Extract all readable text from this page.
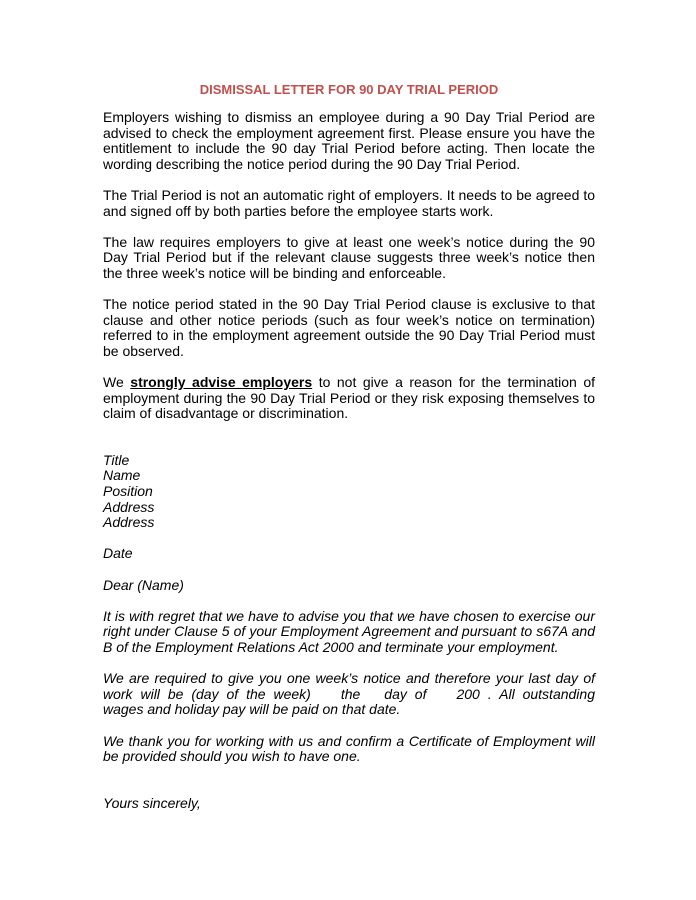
DISMISSAL LETTER FOR 90 DAY TRIAL PERIOD

Employers wishing to dismiss an employee during a 90 Day Trial Period are advised to check the employment agreement first. Please ensure you have the entitlement to include the 90 day Trial Period before acting. Then locate the wording describing the notice period during the 90 Day Trial Period.

The Trial Period is not an automatic right of employers. It needs to be agreed to and signed off by both parties before the employee starts work.

The law requires employers to give at least one week’s notice during the 90 Day Trial Period but if the relevant clause suggests three week’s notice then the three week’s notice will be binding and enforceable.

The notice period stated in the 90 Day Trial Period clause is exclusive to that clause and other notice periods (such as four week’s notice on termination) referred to in the employment agreement outside the 90 Day Trial Period must be observed.

We strongly advise employers to not give a reason for the termination of employment during the 90 Day Trial Period or they risk exposing themselves to claim of disadvantage or discrimination.

Title
Name
Position
Address
Address

Date

Dear (Name)

It is with regret that we have to advise you that we have chosen to exercise our right under Clause 5 of your Employment Agreement and pursuant to s67A and B of the Employment Relations Act 2000 and terminate your employment.

We are required to give you one week’s notice and therefore your last day of work will be (day of the week) the day of 200 . All outstanding wages and holiday pay will be paid on that date.

We thank you for working with us and confirm a Certificate of Employment will be provided should you wish to have one.

Yours sincerely,
